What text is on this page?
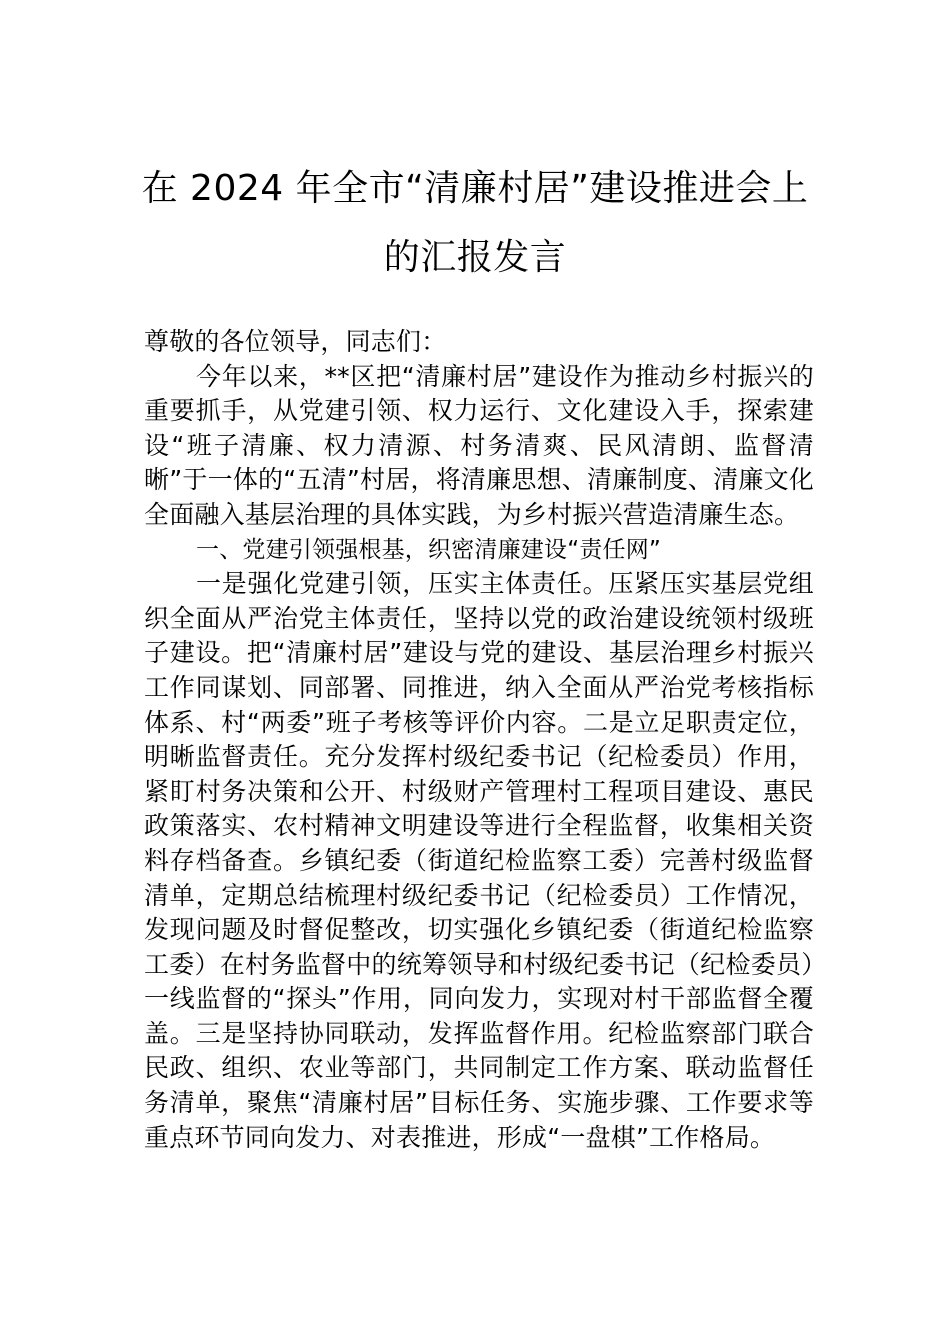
在 2024 年全市“清廉村居”建设推进会上
的汇报发言

尊敬的各位领导，同志们：

今年以来，**区把“清廉村居”建设作为推动乡村振兴的重要抓手，从党建引领、权力运行、文化建设入手，探索建设“班子清廉、权力清源、村务清爽、民风清朗、监督清晰”于一体的“五清”村居，将清廉思想、清廉制度、清廉文化全面融入基层治理的具体实践，为乡村振兴营造清廉生态。

一、党建引领强根基，织密清廉建设“责任网”

一是强化党建引领，压实主体责任。压紧压实基层党组织全面从严治党主体责任，坚持以党的政治建设统领村级班子建设。把“清廉村居”建设与党的建设、基层治理乡村振兴工作同谋划、同部署、同推进，纳入全面从严治党考核指标体系、村“两委”班子考核等评价内容。二是立足职责定位，明晰监督责任。充分发挥村级纪委书记（纪检委员）作用，紧盯村务决策和公开、村级财产管理村工程项目建设、惠民政策落实、农村精神文明建设等进行全程监督，收集相关资料存档备查。乡镇纪委（街道纪检监察工委）完善村级监督清单，定期总结梳理村级纪委书记（纪检委员）工作情况，发现问题及时督促整改，切实强化乡镇纪委（街道纪检监察工委）在村务监督中的统筹领导和村级纪委书记（纪检委员）一线监督的“探头”作用，同向发力，实现对村干部监督全覆盖。三是坚持协同联动，发挥监督作用。纪检监察部门联合民政、组织、农业等部门，共同制定工作方案、联动监督任务清单，聚焦“清廉村居”目标任务、实施步骤、工作要求等重点环节同向发力、对表推进，形成“一盘棋”工作格局。
